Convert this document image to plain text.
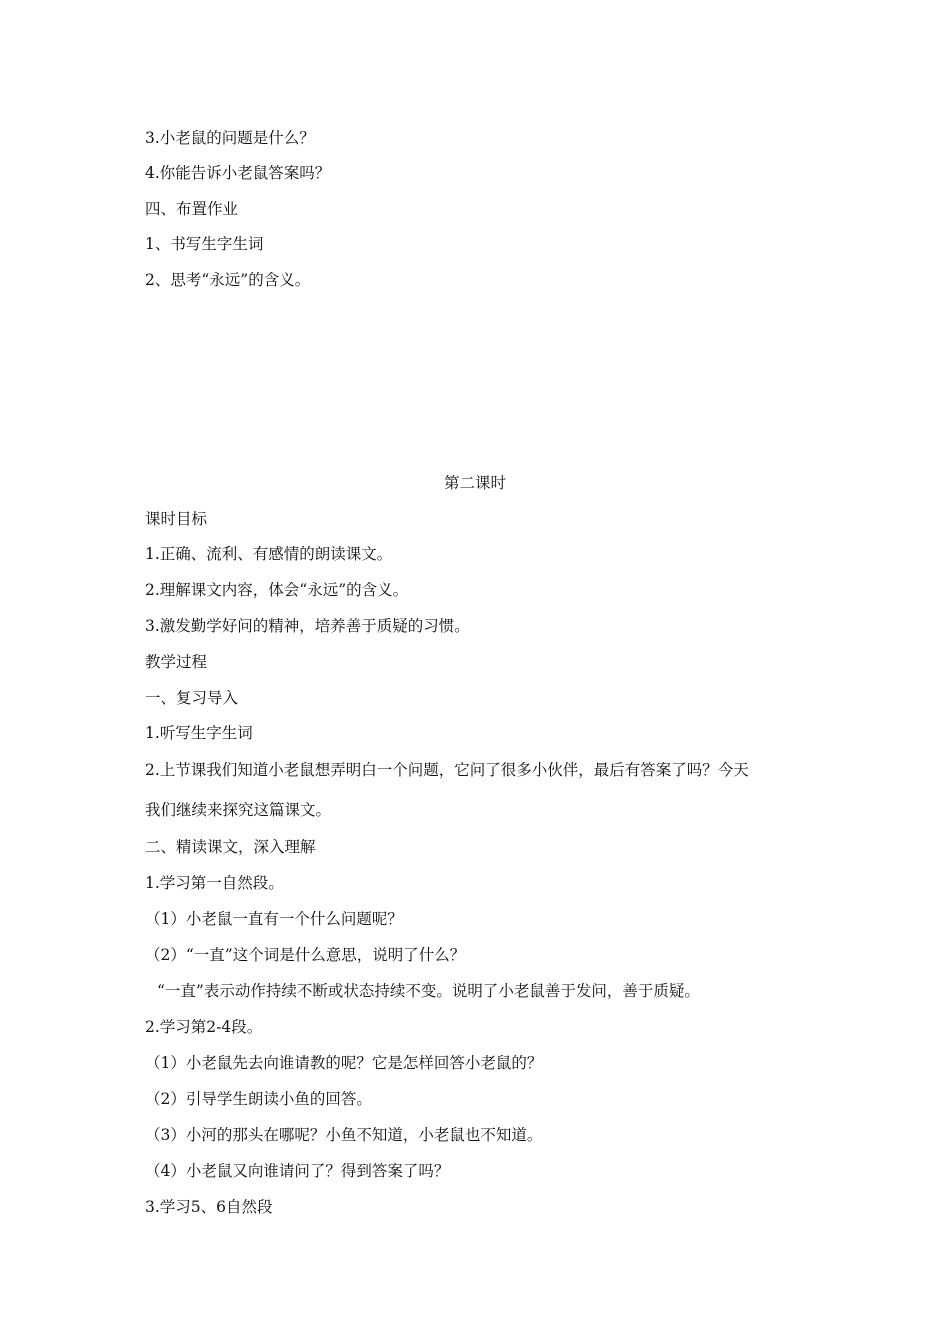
3.小老鼠的问题是什么？
4.你能告诉小老鼠答案吗？
四、布置作业
1、书写生字生词
2、思考“永远”的含义。
第二课时
课时目标
1.正确、流利、有感情的朗读课文。
2.理解课文内容，体会“永远”的含义。
3.激发勤学好问的精神，培养善于质疑的习惯。
教学过程
一、复习导入
1.听写生字生词
2.上节课我们知道小老鼠想弄明白一个问题，它问了很多小伙伴，最后有答案了吗？今天
我们继续来探究这篇课文。
二、精读课文，深入理解
1.学习第一自然段。
（1）小老鼠一直有一个什么问题呢？
（2）“一直”这个词是什么意思，说明了什么？
“一直”表示动作持续不断或状态持续不变。说明了小老鼠善于发问，善于质疑。
2.学习第2-4段。
（1）小老鼠先去向谁请教的呢？它是怎样回答小老鼠的？
（2）引导学生朗读小鱼的回答。
（3）小河的那头在哪呢？小鱼不知道，小老鼠也不知道。
（4）小老鼠又向谁请问了？得到答案了吗？
3.学习5、6自然段
